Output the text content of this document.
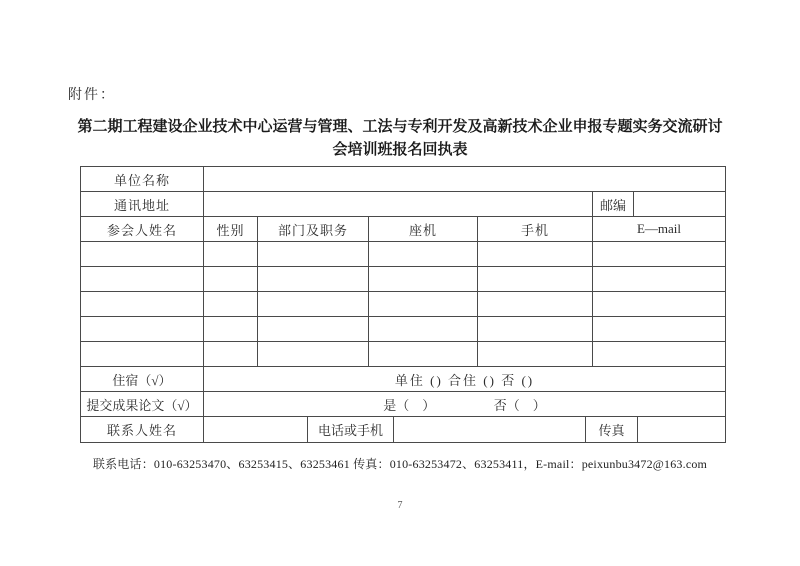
附件：
第二期工程建设企业技术中心运营与管理、工法与专利开发及高新技术企业申报专题实务交流研讨
会培训班报名回执表
单位名称
通讯地址	邮编
参会人姓名	性别	部门及职务	座机	手机	E—mail
住宿（√）	单住 () 合住 () 否 ()
提交成果论文（√）	是（　）　　　　　否（　）
联系人姓名	电话或手机	传真
联系电话：010-63253470、63253415、63253461 传真：010-63253472、63253411，E-mail：peixunbu3472@163.com
7
